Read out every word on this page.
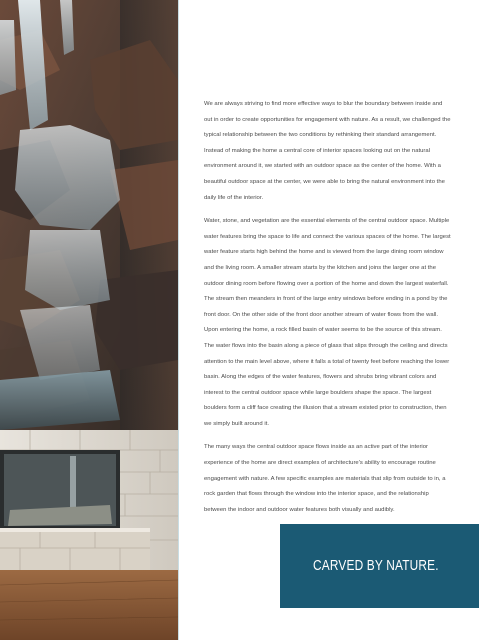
We are always striving to find more effective ways to blur the boundary between inside and out in order to create opportunities for engagement with nature. As a result, we challenged the typical relationship between the two conditions by rethinking their standard arrangement. Instead of making the home a central core of interior spaces looking out on the natural environment around it, we started with an outdoor space as the center of the home. With a beautiful outdoor space at the center, we were able to bring the natural environment into the daily life of the interior.

Water, stone, and vegetation are the essential elements of the central outdoor space. Multiple water features bring the space to life and connect the various spaces of the home. The largest water feature starts high behind the home and is viewed from the large dining room window and the living room. A smaller stream starts by the kitchen and joins the larger one at the outdoor dining room before flowing over a portion of the home and down the largest waterfall. The stream then meanders in front of the large entry windows before ending in a pond by the front door. On the other side of the front door another stream of water flows from the wall. Upon entering the home, a rock filled basin of water seems to be the source of this stream. The water flows into the basin along a piece of glass that slips through the ceiling and directs attention to the main level above, where it falls a total of twenty feet before reaching the lower basin. Along the edges of the water features, flowers and shrubs bring vibrant colors and interest to the central outdoor space while large boulders shape the space. The largest boulders form a cliff face creating the illusion that a stream existed prior to construction, then we simply built around it.

The many ways the central outdoor space flows inside as an active part of the interior experience of the home are direct examples of architecture's ability to encourage routine engagement with nature. A few specific examples are materials that slip from outside to in, a rock garden that flows through the window into the interior space, and the relationship between the indoor and outdoor water features both visually and audibly.

CARVED BY NATURE.
